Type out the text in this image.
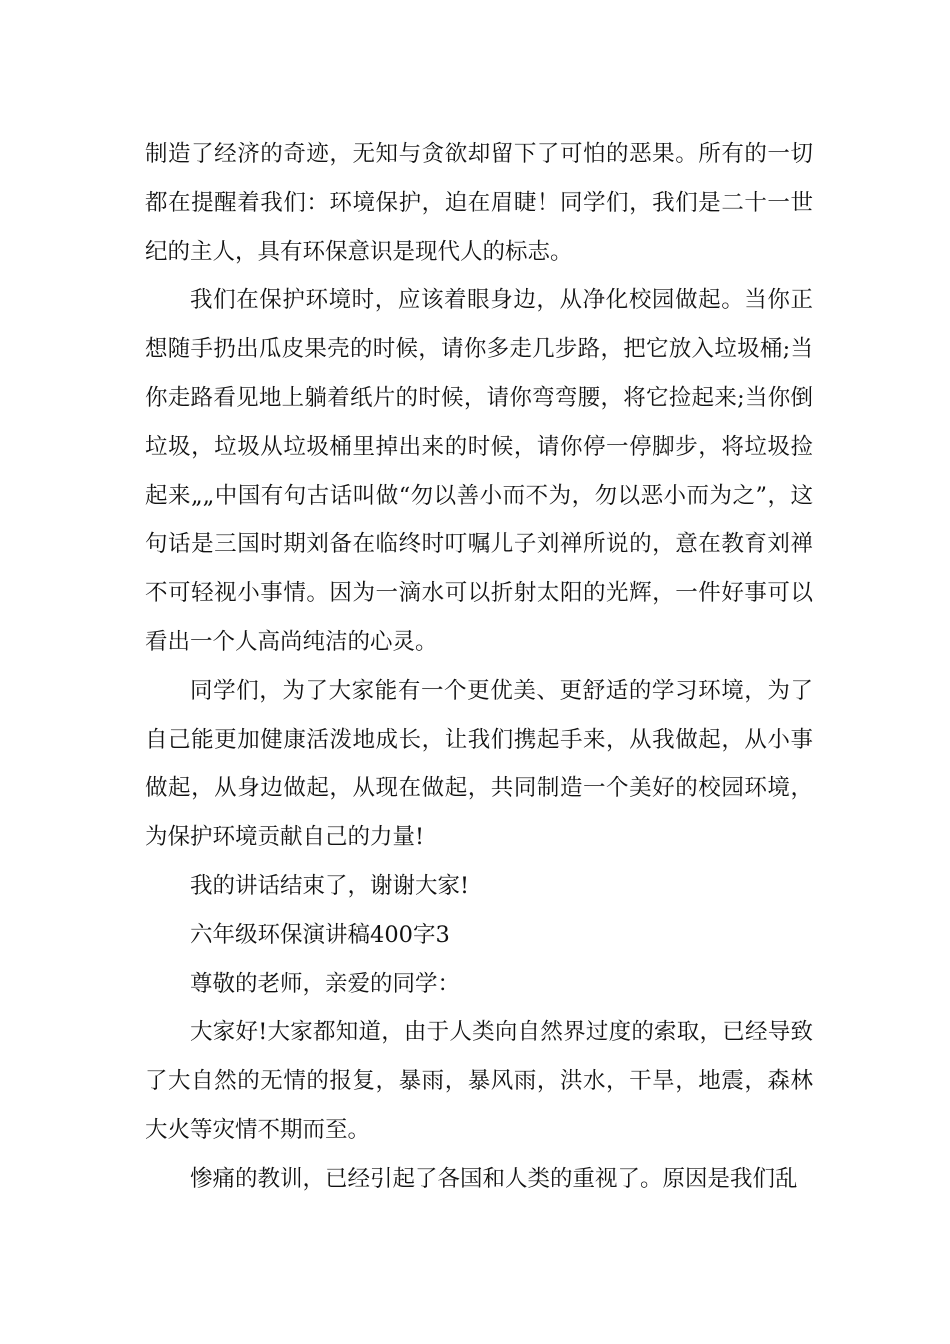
制造了经济的奇迹，无知与贪欲却留下了可怕的恶果。所有的一切都在提醒着我们：环境保护，迫在眉睫！同学们，我们是二十一世纪的主人，具有环保意识是现代人的标志。

我们在保护环境时，应该着眼身边，从净化校园做起。当你正想随手扔出瓜皮果壳的时候，请你多走几步路，把它放入垃圾桶;当你走路看见地上躺着纸片的时候，请你弯弯腰，将它捡起来;当你倒垃圾，垃圾从垃圾桶里掉出来的时候，请你停一停脚步，将垃圾捡起来„„中国有句古话叫做“勿以善小而不为，勿以恶小而为之”，这句话是三国时期刘备在临终时叮嘱儿子刘禅所说的，意在教育刘禅不可轻视小事情。因为一滴水可以折射太阳的光辉，一件好事可以看出一个人高尚纯洁的心灵。

同学们，为了大家能有一个更优美、更舒适的学习环境，为了自己能更加健康活泼地成长，让我们携起手来，从我做起，从小事做起，从身边做起，从现在做起，共同制造一个美好的校园环境，为保护环境贡献自己的力量!

我的讲话结束了，谢谢大家!

六年级环保演讲稿400字3

尊敬的老师，亲爱的同学：

大家好!大家都知道，由于人类向自然界过度的索取，已经导致了大自然的无情的报复，暴雨，暴风雨，洪水，干旱，地震，森林大火等灾情不期而至。

惨痛的教训，已经引起了各国和人类的重视了。原因是我们乱
